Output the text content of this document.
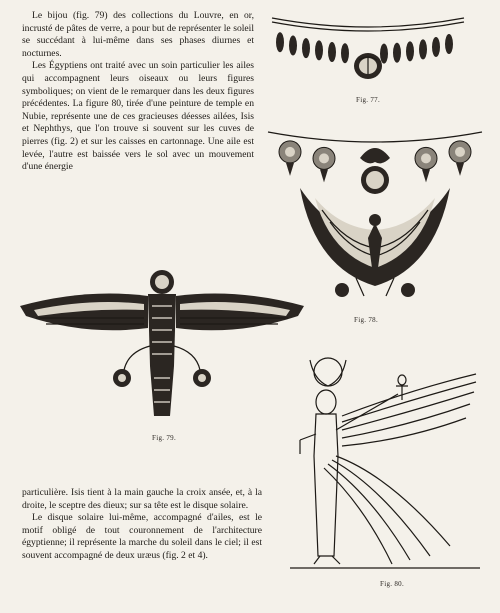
Le bijou (fig. 79) des collections du Louvre, en or, incrusté de pâtes de verre, a pour but de représenter le soleil se succédant à lui-même dans ses phases diurnes et nocturnes.

Les Égyptiens ont traité avec un soin particulier les ailes qui accompagnent leurs oiseaux ou leurs figures symboliques; on vient de le remarquer dans les deux figures précédentes. La figure 80, tirée d'une peinture de temple en Nubie, représente une de ces gracieuses déesses ailées, Isis et Nephthys, que l'on trouve si souvent sur les cuves de pierres (fig. 2) et sur les caisses en cartonnage. Une aile est levée, l'autre est baissée vers le sol avec un mouvement d'une énergie

Fig. 77.
Fig. 78.
Fig. 79.
Fig. 80.

particulière. Isis tient à la main gauche la croix ansée, et, à la droite, le sceptre des dieux; sur sa tête est le disque solaire.

Le disque solaire lui-même, accompagné d'ailes, est le motif obligé de tout couronnement de l'architecture égyptienne; il représente la marche du soleil dans le ciel; il est souvent accompagné de deux uræus (fig. 2 et 4).
